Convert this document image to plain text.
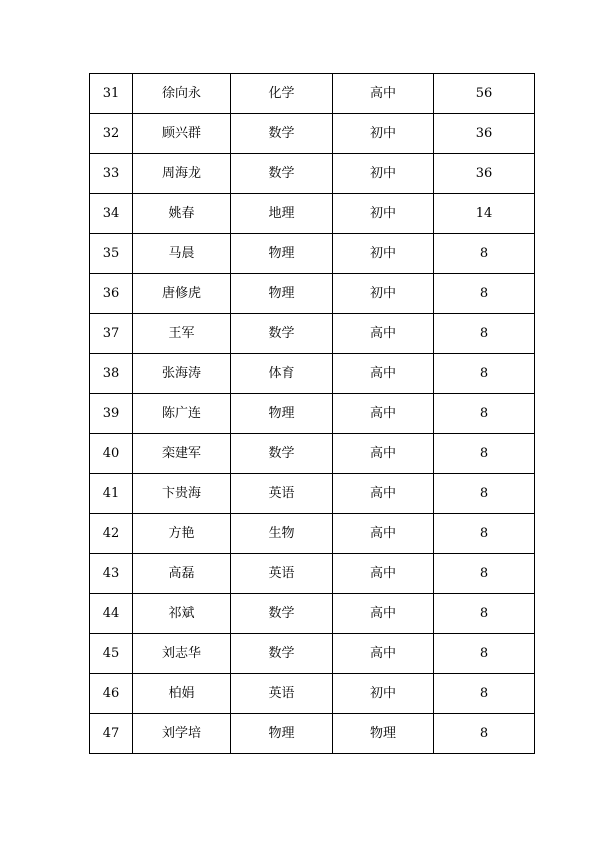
31	徐向永	化学	高中	56
32	顾兴群	数学	初中	36
33	周海龙	数学	初中	36
34	姚春	地理	初中	14
35	马晨	物理	初中	8
36	唐修虎	物理	初中	8
37	王军	数学	高中	8
38	张海涛	体育	高中	8
39	陈广连	物理	高中	8
40	栾建军	数学	高中	8
41	卞贵海	英语	高中	8
42	方艳	生物	高中	8
43	高磊	英语	高中	8
44	祁斌	数学	高中	8
45	刘志华	数学	高中	8
46	柏娟	英语	初中	8
47	刘学培	物理	物理	8
